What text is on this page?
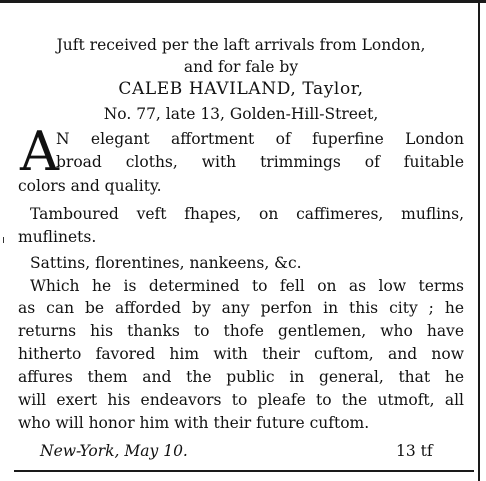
Juft received per the laft arrivals from London,
and for fale by
CALEB HAVILAND, Taylor,
No. 77, late 13, Golden-Hill-Street,
A
N elegant affortment of fuperfine London
broad cloths, with trimmings of fuitable
colors and quality.
Tamboured veft fhapes, on caffimeres, muflins,
muflinets.
Sattins, florentines, nankeens, &c.
Which he is determined to fell on as low terms
as can be afforded by any perfon in this city ; he
returns his thanks to thofe gentlemen, who have
hitherto favored him with their cuftom, and now
affures them and the public in general, that he
will exert his endeavors to pleafe to the utmoft, all
who will honor him with their future cuftom.
New-York, May 10.	13 tf
